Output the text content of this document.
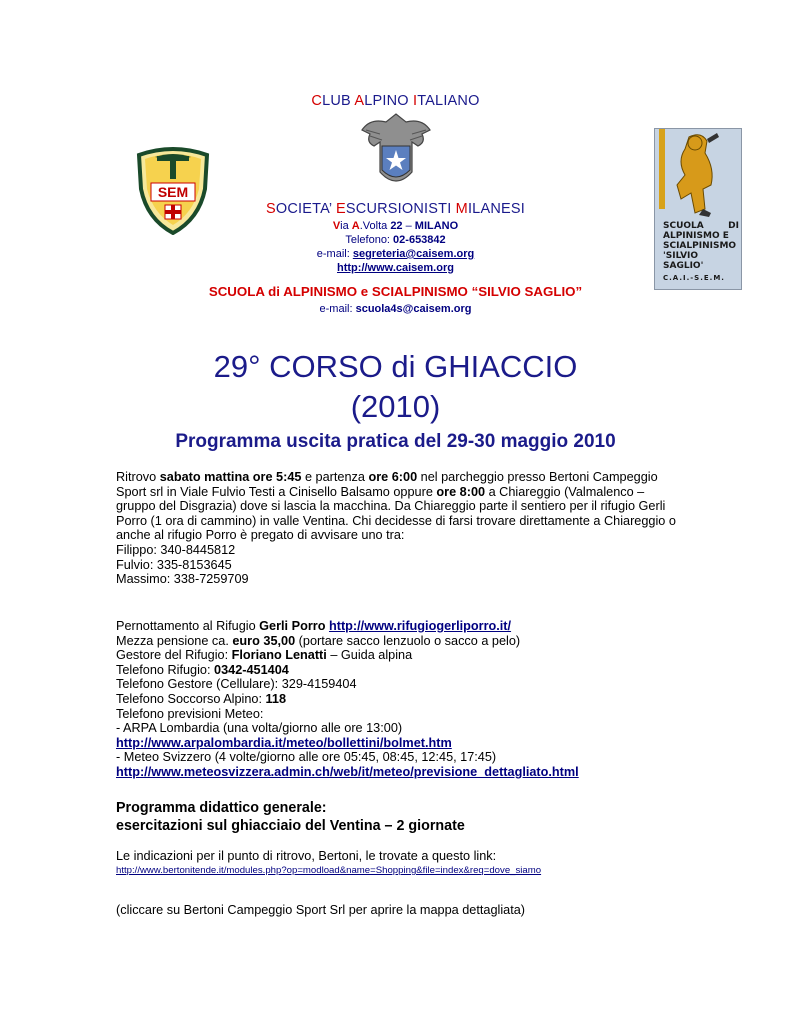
SEM
SCUOLA	DI
ALPINISMO E
SCIALPINISMO
'SILVIO SAGLIO'
C.A.I.-S.E.M.
CLUB ALPINO ITALIANO
SOCIETA’ ESCURSIONISTI MILANESI
Via A.Volta 22 – MILANO
Telefono: 02-653842
e-mail: segreteria@caisem.org
http://www.caisem.org
SCUOLA di ALPINISMO e SCIALPINISMO “SILVIO SAGLIO”
e-mail: scuola4s@caisem.org
29° CORSO di GHIACCIO
(2010)
Programma uscita pratica del 29-30 maggio 2010

Ritrovo sabato mattina ore 5:45 e partenza ore 6:00 nel parcheggio presso Bertoni Campeggio Sport srl in Viale Fulvio Testi a Cinisello Balsamo oppure ore 8:00 a Chiareggio (Valmalenco – gruppo del Disgrazia) dove si lascia la macchina. Da Chiareggio parte il sentiero per il rifugio Gerli Porro (1 ora di cammino) in valle Ventina. Chi decidesse di farsi trovare direttamente a Chiareggio o anche al rifugio Porro è pregato di avvisare uno tra:

Filippo: 340-8445812

Fulvio: 335-8153645

Massimo: 338-7259709

Pernottamento al Rifugio Gerli Porro http://www.rifugiogerliporro.it/

Mezza pensione ca. euro 35,00 (portare sacco lenzuolo o sacco a pelo)

Gestore del Rifugio: Floriano Lenatti – Guida alpina

Telefono Rifugio: 0342-451404

Telefono Gestore (Cellulare): 329-4159404

Telefono Soccorso Alpino: 118

Telefono previsioni Meteo:

- ARPA Lombardia (una volta/giorno alle ore 13:00)

http://www.arpalombardia.it/meteo/bollettini/bolmet.htm

- Meteo Svizzero (4 volte/giorno alle ore 05:45, 08:45, 12:45, 17:45)

http://www.meteosvizzera.admin.ch/web/it/meteo/previsione_dettagliato.html

Programma didattico generale:

esercitazioni sul ghiacciaio del Ventina – 2 giornate

Le indicazioni per il punto di ritrovo, Bertoni, le trovate a questo link:
http://www.bertonitende.it/modules.php?op=modload&name=Shopping&file=index&req=dove_siamo
(cliccare su Bertoni Campeggio Sport Srl per aprire la mappa dettagliata)
